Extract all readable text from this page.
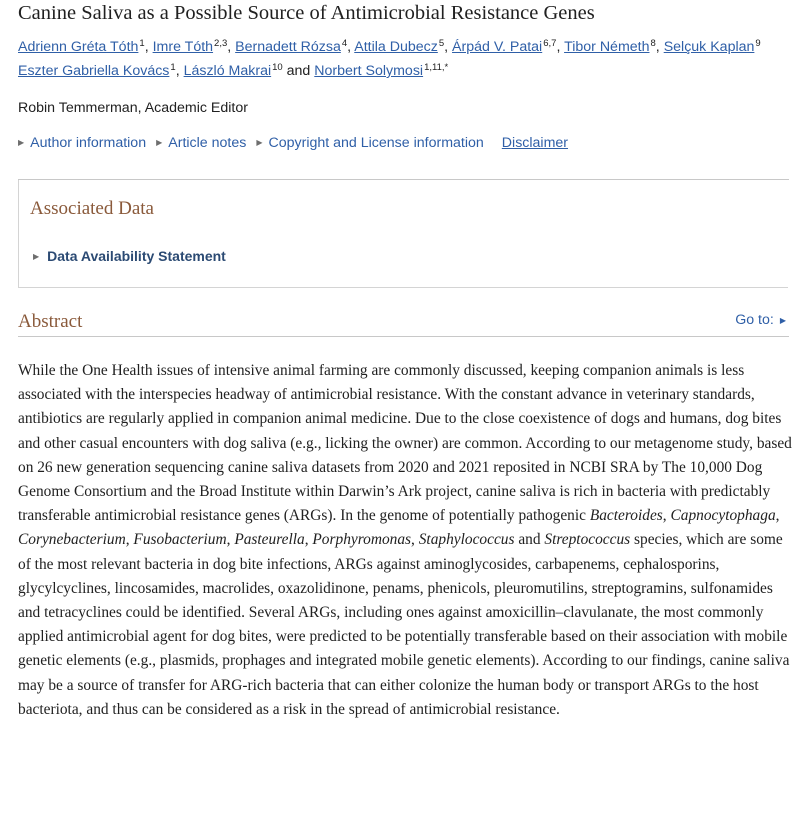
Canine Saliva as a Possible Source of Antimicrobial Resistance Genes
Adrienn Gréta Tóth$^1$, Imre Tóth$^{2,3}$, Bernadett Rózsa$^4$, Attila Dubecz$^5$, Árpád V. Patai$^{6,7}$, Tibor Németh$^8$, Selçuk Kaplan$^9$
Eszter Gabriella Kovács$^1$, László Makrai$^{10}$ and Norbert Solymosi$^{1,11,*}$
Robin Temmerman, Academic Editor
▶ Author information ▶ Article notes ▶ Copyright and License information Disclaimer
Associated Data
▶ Data Availability Statement
Abstract	Go to: ▶

While the One Health issues of intensive animal farming are commonly discussed, keeping companion animals is less associated with the interspecies headway of antimicrobial resistance. With the constant advance in veterinary standards, antibiotics are regularly applied in companion animal medicine. Due to the close coexistence of dogs and humans, dog bites and other casual encounters with dog saliva (e.g., licking the owner) are common. According to our metagenome study, based on 26 new generation sequencing canine saliva datasets from 2020 and 2021 reposited in NCBI SRA by The 10,000 Dog Genome Consortium and the Broad Institute within Darwin’s Ark project, canine saliva is rich in bacteria with predictably transferable antimicrobial resistance genes (ARGs). In the genome of potentially pathogenic Bacteroides, Capnocytophaga, Corynebacterium, Fusobacterium, Pasteurella, Porphyromonas, Staphylococcus and Streptococcus species, which are some of the most relevant bacteria in dog bite infections, ARGs against aminoglycosides, carbapenems, cephalosporins, glycylcyclines, lincosamides, macrolides, oxazolidinone, penams, phenicols, pleuromutilins, streptogramins, sulfonamides and tetracyclines could be identified. Several ARGs, including ones against amoxicillin–clavulanate, the most commonly applied antimicrobial agent for dog bites, were predicted to be potentially transferable based on their association with mobile genetic elements (e.g., plasmids, prophages and integrated mobile genetic elements). According to our findings, canine saliva may be a source of transfer for ARG-rich bacteria that can either colonize the human body or transport ARGs to the host bacteriota, and thus can be considered as a risk in the spread of antimicrobial resistance.
